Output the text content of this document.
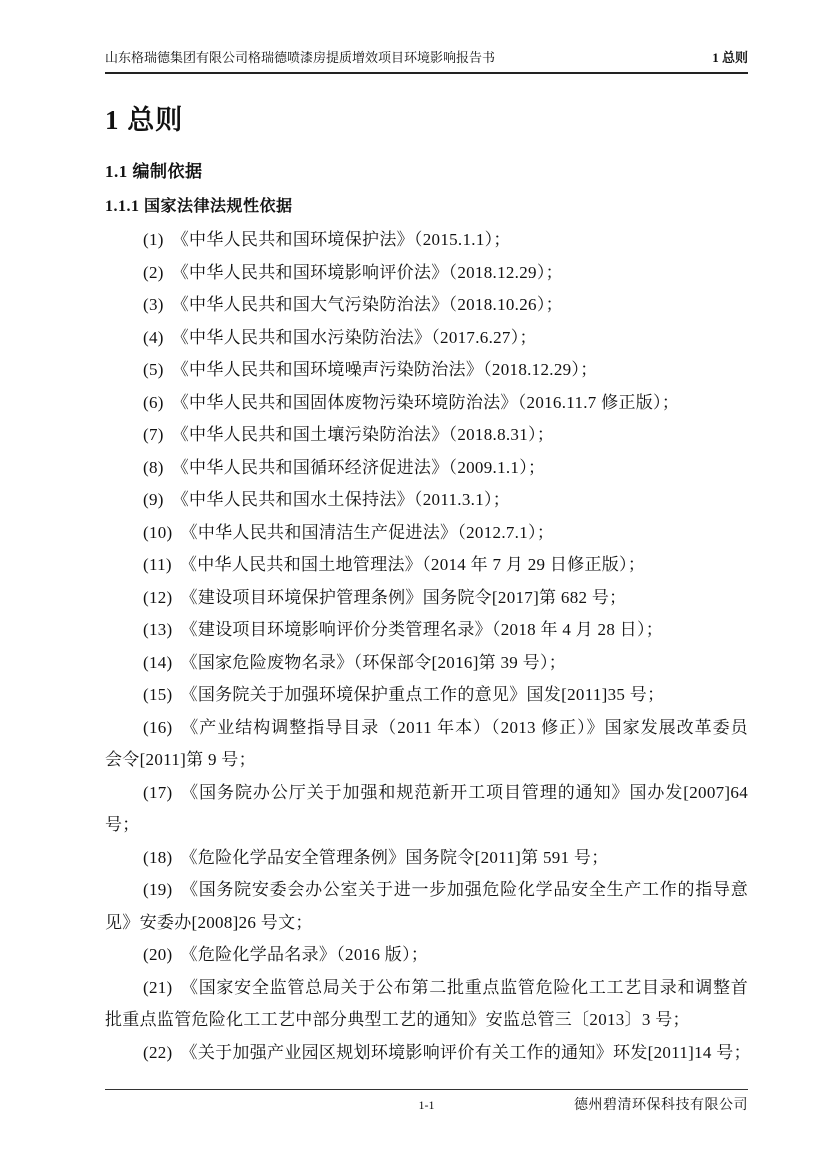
山东格瑞德集团有限公司格瑞德喷漆房提质增效项目环境影响报告书	1 总则
1 总则
1.1 编制依据
1.1.1 国家法律法规性依据
(1) 《中华人民共和国环境保护法》（2015.1.1）；
(2) 《中华人民共和国环境影响评价法》（2018.12.29）；
(3) 《中华人民共和国大气污染防治法》（2018.10.26）；
(4) 《中华人民共和国水污染防治法》（2017.6.27）；
(5) 《中华人民共和国环境噪声污染防治法》（2018.12.29）；
(6) 《中华人民共和国固体废物污染环境防治法》（2016.11.7 修正版）；
(7) 《中华人民共和国土壤污染防治法》（2018.8.31）；
(8) 《中华人民共和国循环经济促进法》（2009.1.1）；
(9) 《中华人民共和国水土保持法》（2011.3.1）；
(10) 《中华人民共和国清洁生产促进法》（2012.7.1）；
(11) 《中华人民共和国土地管理法》（2014 年 7 月 29 日修正版）；
(12) 《建设项目环境保护管理条例》国务院令[2017]第 682 号；
(13) 《建设项目环境影响评价分类管理名录》（2018 年 4 月 28 日）；
(14) 《国家危险废物名录》（环保部令[2016]第 39 号）；
(15) 《国务院关于加强环境保护重点工作的意见》国发[2011]35 号；
(16) 《产业结构调整指导目录（2011 年本）（2013 修正）》国家发展改革委员
会令[2011]第 9 号；
(17) 《国务院办公厅关于加强和规范新开工项目管理的通知》国办发[2007]64
号；
(18) 《危险化学品安全管理条例》国务院令[2011]第 591 号；
(19) 《国务院安委会办公室关于进一步加强危险化学品安全生产工作的指导意
见》安委办[2008]26 号文；
(20) 《危险化学品名录》（2016 版）；
(21) 《国家安全监管总局关于公布第二批重点监管危险化工工艺目录和调整首
批重点监管危险化工工艺中部分典型工艺的通知》安监总管三〔2013〕3 号；
(22) 《关于加强产业园区规划环境影响评价有关工作的通知》环发[2011]14 号；
1-1	德州碧清环保科技有限公司
